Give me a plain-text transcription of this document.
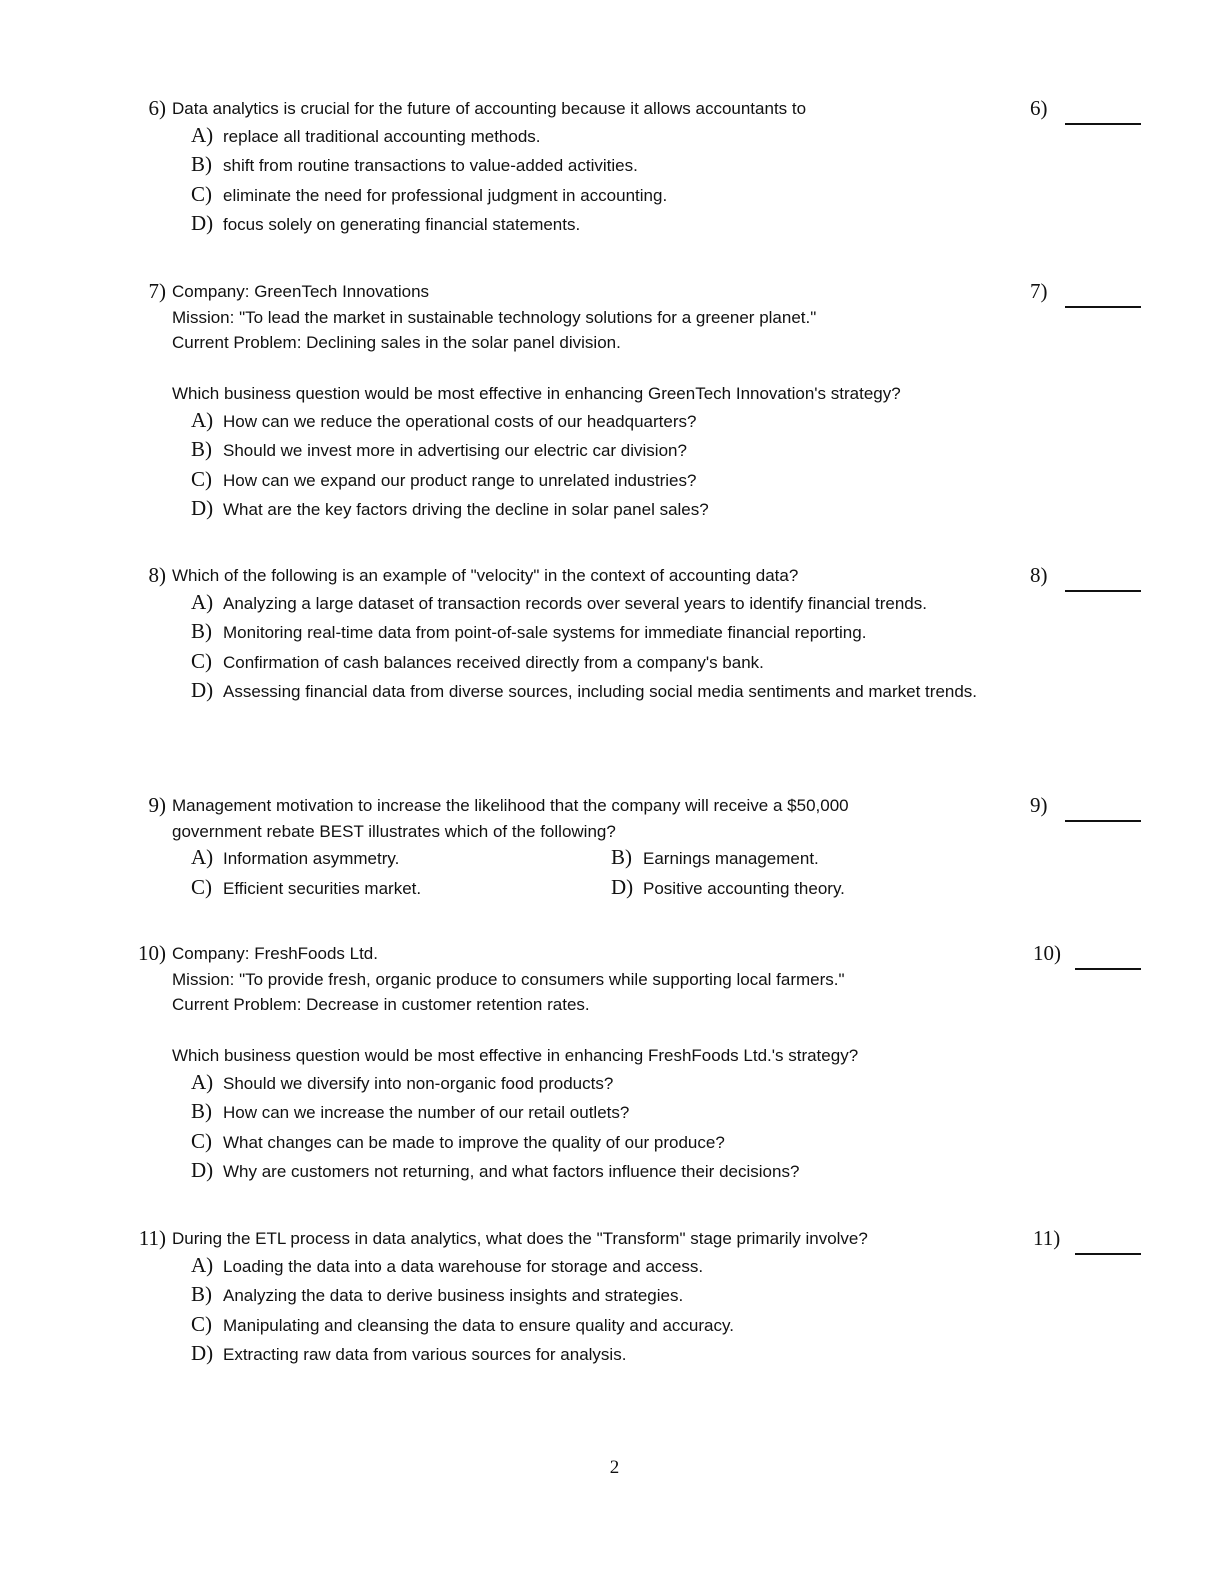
6) Data analytics is crucial for the future of accounting because it allows accountants to
A) replace all traditional accounting methods.
B) shift from routine transactions to value-added activities.
C) eliminate the need for professional judgment in accounting.
D) focus solely on generating financial statements.
6)
7) Company: GreenTech Innovations
Mission: "To lead the market in sustainable technology solutions for a greener planet."
Current Problem: Declining sales in the solar panel division.
Which business question would be most effective in enhancing GreenTech Innovation's strategy?
A) How can we reduce the operational costs of our headquarters?
B) Should we invest more in advertising our electric car division?
C) How can we expand our product range to unrelated industries?
D) What are the key factors driving the decline in solar panel sales?
7)
8) Which of the following is an example of "velocity" in the context of accounting data?
A) Analyzing a large dataset of transaction records over several years to identify financial trends.
B) Monitoring real-time data from point-of-sale systems for immediate financial reporting.
C) Confirmation of cash balances received directly from a company's bank.
D) Assessing financial data from diverse sources, including social media sentiments and market trends.
8)
9) Management motivation to increase the likelihood that the company will receive a $50,000
government rebate BEST illustrates which of the following?
A) Information asymmetry.	B) Earnings management.
C) Efficient securities market.	D) Positive accounting theory.
9)
10) Company: FreshFoods Ltd.
Mission: "To provide fresh, organic produce to consumers while supporting local farmers."
Current Problem: Decrease in customer retention rates.
Which business question would be most effective in enhancing FreshFoods Ltd.'s strategy?
A) Should we diversify into non-organic food products?
B) How can we increase the number of our retail outlets?
C) What changes can be made to improve the quality of our produce?
D) Why are customers not returning, and what factors influence their decisions?
10)
11) During the ETL process in data analytics, what does the "Transform" stage primarily involve?
A) Loading the data into a data warehouse for storage and access.
B) Analyzing the data to derive business insights and strategies.
C) Manipulating and cleansing the data to ensure quality and accuracy.
D) Extracting raw data from various sources for analysis.
11)
2
